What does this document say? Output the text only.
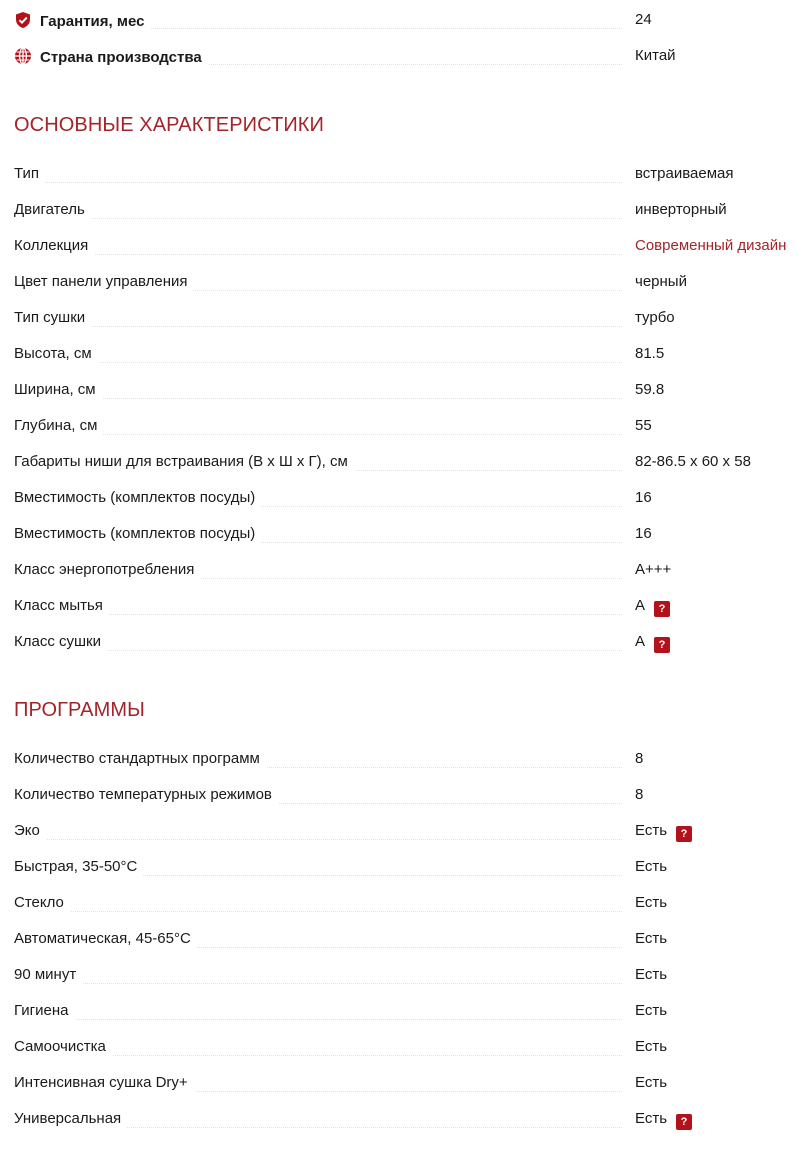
Гарантия, мес	24
Страна производства	Китай
ОСНОВНЫЕ ХАРАКТЕРИСТИКИ
Тип	встраиваемая
Двигатель	инверторный
Коллекция	Современный дизайн
Цвет панели управления	черный
Тип сушки	турбо
Высота, см	81.5
Ширина, см	59.8
Глубина, см	55
Габариты ниши для встраивания (В х Ш х Г), см	82-86.5 x 60 x 58
Вместимость (комплектов посуды)	16
Вместимость (комплектов посуды)	16
Класс энергопотребления	A+++
Класс мытья	A ?
Класс сушки	A ?
ПРОГРАММЫ
Количество стандартных программ	8
Количество температурных режимов	8
Эко	Есть ?
Быстрая, 35-50°C	Есть
Стекло	Есть
Автоматическая, 45-65°C	Есть
90 минут	Есть
Гигиена	Есть
Самоочистка	Есть
Интенсивная сушка Dry+	Есть
Универсальная	Есть ?
